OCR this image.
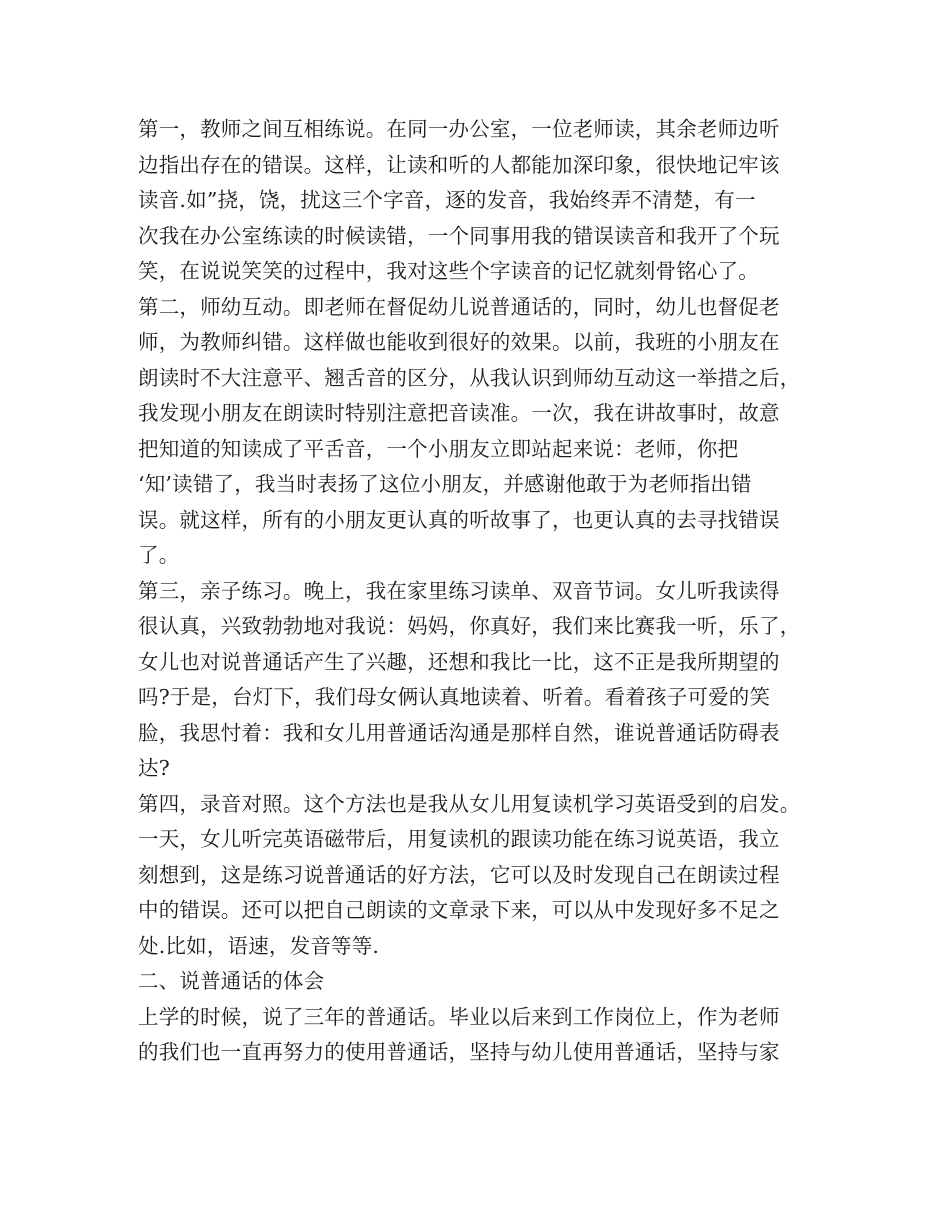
第一，教师之间互相练说。在同一办公室，一位老师读，其余老师边听
边指出存在的错误。这样，让读和听的人都能加深印象，很快地记牢该
读音.如”挠，饶，扰这三个字音，逐的发音，我始终弄不清楚，有一
次我在办公室练读的时候读错，一个同事用我的错误读音和我开了个玩
笑，在说说笑笑的过程中，我对这些个字读音的记忆就刻骨铭心了。
第二，师幼互动。即老师在督促幼儿说普通话的，同时，幼儿也督促老
师，为教师纠错。这样做也能收到很好的效果。以前，我班的小朋友在
朗读时不大注意平、翘舌音的区分，从我认识到师幼互动这一举措之后，
我发现小朋友在朗读时特别注意把音读准。一次，我在讲故事时，故意
把知道的知读成了平舌音，一个小朋友立即站起来说：老师，你把
‘知’读错了，我当时表扬了这位小朋友，并感谢他敢于为老师指出错
误。就这样，所有的小朋友更认真的听故事了，也更认真的去寻找错误
了。
第三，亲子练习。晚上，我在家里练习读单、双音节词。女儿听我读得
很认真，兴致勃勃地对我说：妈妈，你真好，我们来比赛我一听，乐了，
女儿也对说普通话产生了兴趣，还想和我比一比，这不正是我所期望的
吗?于是，台灯下，我们母女俩认真地读着、听着。看着孩子可爱的笑
脸，我思忖着：我和女儿用普通话沟通是那样自然，谁说普通话防碍表
达?
第四，录音对照。这个方法也是我从女儿用复读机学习英语受到的启发。
一天，女儿听完英语磁带后，用复读机的跟读功能在练习说英语，我立
刻想到，这是练习说普通话的好方法，它可以及时发现自己在朗读过程
中的错误。还可以把自己朗读的文章录下来，可以从中发现好多不足之
处.比如，语速，发音等等.
二、说普通话的体会
上学的时候，说了三年的普通话。毕业以后来到工作岗位上，作为老师
的我们也一直再努力的使用普通话，坚持与幼儿使用普通话，坚持与家
